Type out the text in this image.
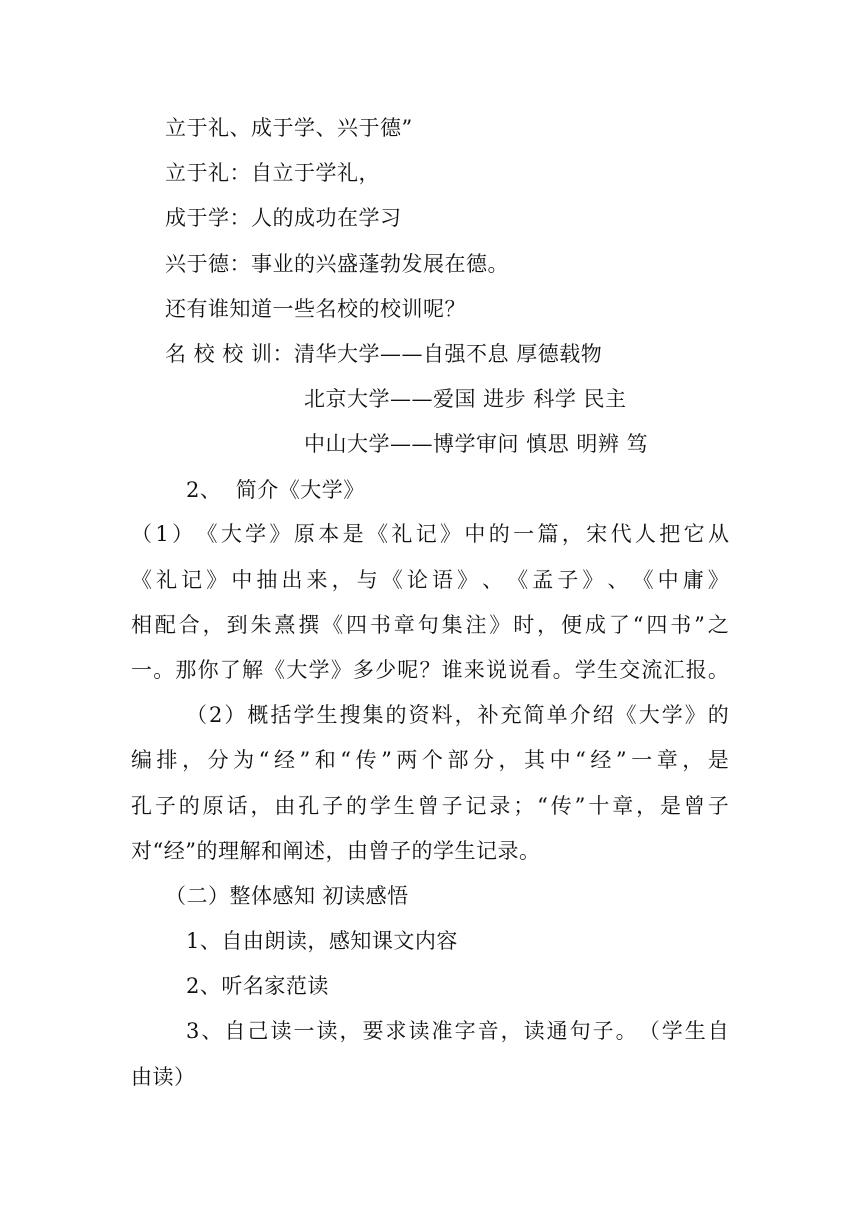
立于礼、成于学、兴于德”
立于礼：自立于学礼，
成于学：人的成功在学习
兴于德：事业的兴盛蓬勃发展在德。
还有谁知道一些名校的校训呢？
名 校 校 训：清华大学——自强不息 厚德载物
北京大学——爱国 进步 科学 民主
中山大学——博学审问 慎思 明辨 笃
2、  简介《大学》
（ 1 ） 《 大 学 》 原 本 是 《 礼 记 》 中 的 一 篇 ， 宋 代 人 把 它 从
《 礼 记 》 中 抽 出 来 ， 与 《 论 语 》 、 《 孟 子 》 、 《 中 庸 》
相 配 合 ， 到 朱 熹 撰 《 四 书 章 句 集 注 》 时 ， 便 成 了 “ 四 书 ” 之
一 。 那 你 了 解 《 大 学 》 多 少 呢 ？ 谁 来 说 说 看 。 学 生 交 流 汇 报 。
（ 2 ） 概 括 学 生 搜 集 的 资 料 ， 补 充 简 单 介 绍 《 大 学 》 的
编 排 ， 分 为 “ 经 ” 和 “ 传 ” 两 个 部 分 ， 其 中 “ 经 ” 一 章 ， 是
孔 子 的 原 话 ， 由 孔 子 的 学 生 曾 子 记 录 ； “ 传 ” 十 章 ， 是 曾 子
对“经”的理解和阐述，由曾子的学生记录。
（二）整体感知 初读感悟
1、自由朗读，感知课文内容
2、听名家范读
3 、 自 己 读 一 读 ， 要 求 读 准 字 音 ， 读 通 句 子 。 （ 学 生 自
由读）
